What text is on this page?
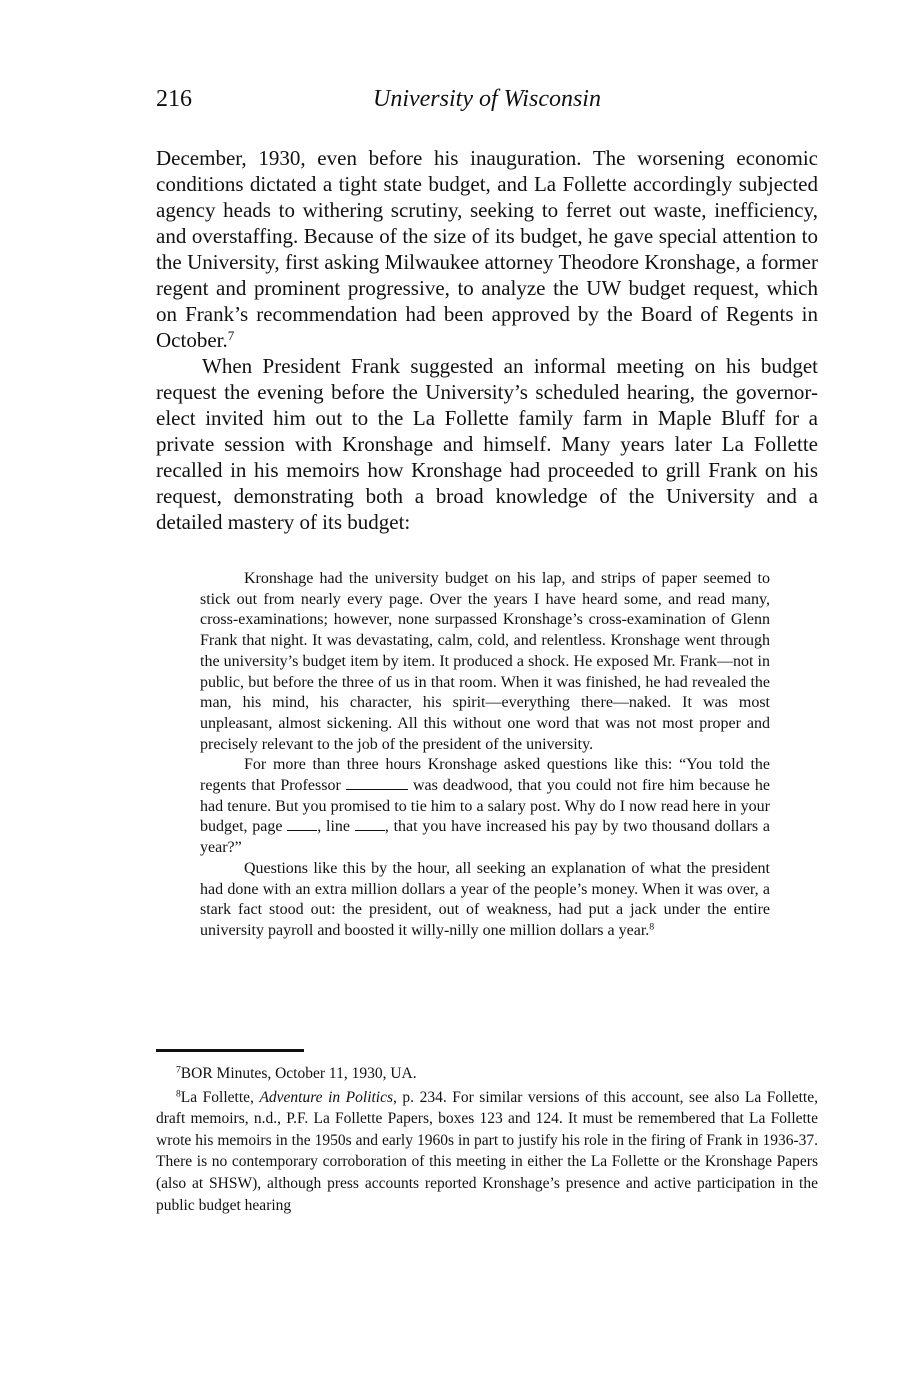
216	University of Wisconsin

December, 1930, even before his inauguration. The worsening economic conditions dictated a tight state budget, and La Follette accordingly subjected agency heads to withering scrutiny, seeking to ferret out waste, inefficiency, and overstaffing. Because of the size of its budget, he gave special attention to the University, first asking Milwaukee attorney Theodore Kronshage, a former regent and prominent progressive, to analyze the UW budget request, which on Frank’s recommendation had been approved by the Board of Regents in October.$^7$

When President Frank suggested an informal meeting on his budget request the evening before the University’s scheduled hearing, the governor-elect invited him out to the La Follette family farm in Maple Bluff for a private session with Kronshage and himself. Many years later La Follette recalled in his memoirs how Kronshage had proceeded to grill Frank on his request, demonstrating both a broad knowledge of the University and a detailed mastery of its budget:

Kronshage had the university budget on his lap, and strips of paper seemed to stick out from nearly every page. Over the years I have heard some, and read many, cross-examinations; however, none surpassed Kronshage’s cross-examination of Glenn Frank that night. It was devastating, calm, cold, and relentless. Kronshage went through the university’s budget item by item. It produced a shock. He exposed Mr. Frank—not in public, but before the three of us in that room. When it was finished, he had revealed the man, his mind, his character, his spirit—everything there—naked. It was most unpleasant, almost sickening. All this without one word that was not most proper and precisely relevant to the job of the president of the university.

For more than three hours Kronshage asked questions like this: “You told the regents that Professor	was deadwood, that you could not fire him because he had tenure. But you promised to tie him to a salary post. Why do I now read here in your budget, page , line , that you have increased his pay by two thousand dollars a year?”

Questions like this by the hour, all seeking an explanation of what the president had done with an extra million dollars a year of the people’s money. When it was over, a stark fact stood out: the president, out of weakness, had put a jack under the entire university payroll and boosted it willy-nilly one million dollars a year.$^8$

$^7$BOR Minutes, October 11, 1930, UA.

$^8$La Follette, Adventure in Politics, p. 234. For similar versions of this account, see also La Follette, draft memoirs, n.d., P.F. La Follette Papers, boxes 123 and 124. It must be remembered that La Follette wrote his memoirs in the 1950s and early 1960s in part to justify his role in the firing of Frank in 1936-37. There is no contemporary corroboration of this meeting in either the La Follette or the Kronshage Papers (also at SHSW), although press accounts reported Kronshage’s presence and active participation in the public budget hearing
